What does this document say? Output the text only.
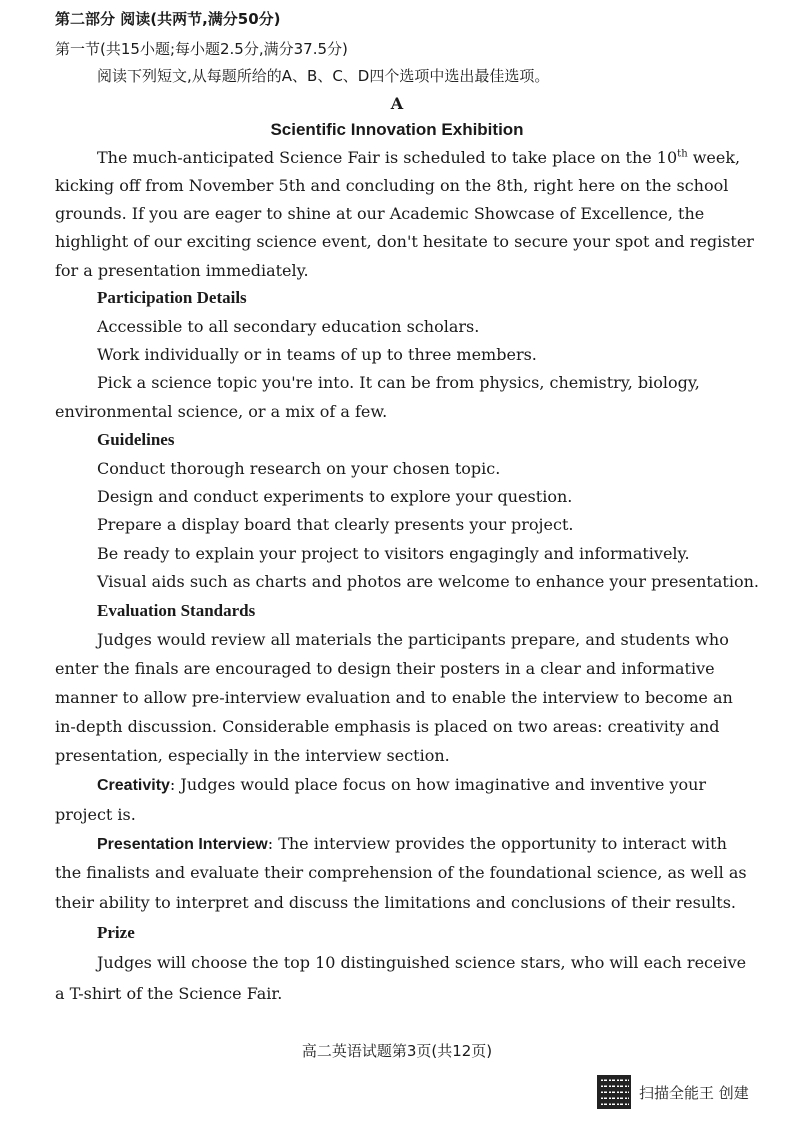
第二部分 阅读(共两节,满分50分)
第一节(共15小题;每小题2.5分,满分37.5分)
阅读下列短文,从每题所给的A、B、C、D四个选项中选出最佳选项。
A
Scientific Innovation Exhibition
The much-anticipated Science Fair is scheduled to take place on the 10th week,
kicking off from November 5th and concluding on the 8th, right here on the school
grounds. If you are eager to shine at our Academic Showcase of Excellence, the
highlight of our exciting science event, don't hesitate to secure your spot and register
for a presentation immediately.
Participation Details
Accessible to all secondary education scholars.
Work individually or in teams of up to three members.
Pick a science topic you're into. It can be from physics, chemistry, biology,
environmental science, or a mix of a few.
Guidelines
Conduct thorough research on your chosen topic.
Design and conduct experiments to explore your question.
Prepare a display board that clearly presents your project.
Be ready to explain your project to visitors engagingly and informatively.
Visual aids such as charts and photos are welcome to enhance your presentation.
Evaluation Standards
Judges would review all materials the participants prepare, and students who
enter the finals are encouraged to design their posters in a clear and informative
manner to allow pre-interview evaluation and to enable the interview to become an
in-depth discussion. Considerable emphasis is placed on two areas: creativity and
presentation, especially in the interview section.
Creativity: Judges would place focus on how imaginative and inventive your
project is.
Presentation Interview: The interview provides the opportunity to interact with
the finalists and evaluate their comprehension of the foundational science, as well as
their ability to interpret and discuss the limitations and conclusions of their results.
Prize
Judges will choose the top 10 distinguished science stars, who will each receive
a T-shirt of the Science Fair.
高二英语试题第3页(共12页)
扫描全能王 创建
